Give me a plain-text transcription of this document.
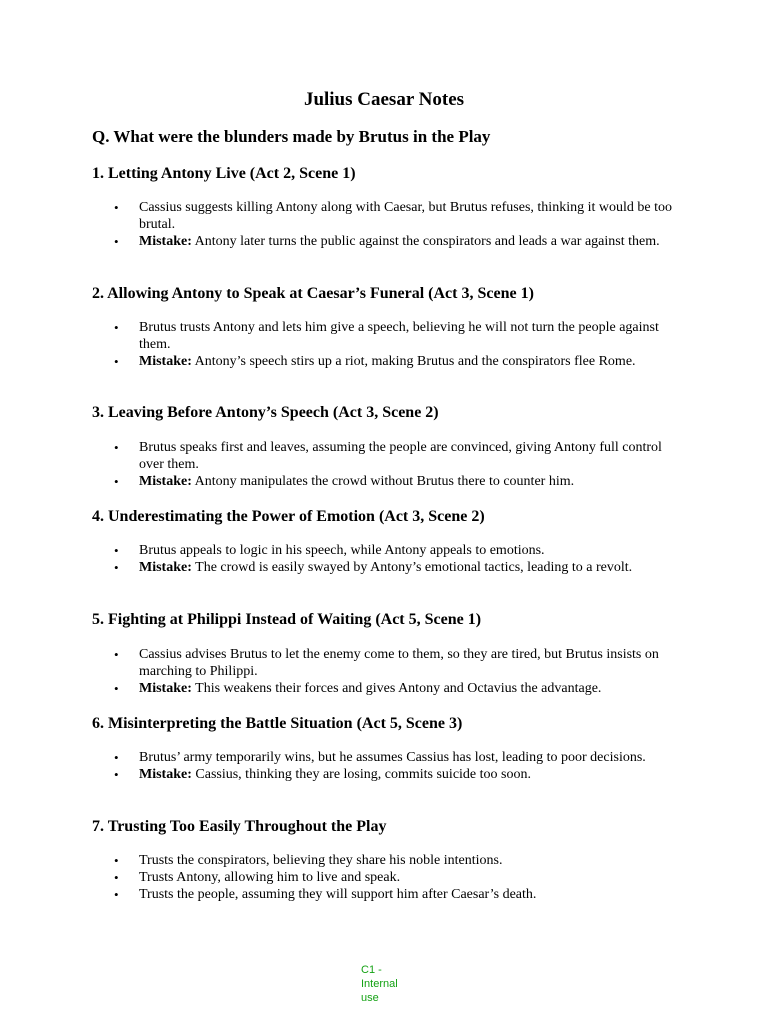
Julius Caesar Notes
Q. What were the blunders made by Brutus in the Play
1. Letting Antony Live (Act 2, Scene 1)
• Cassius suggests killing Antony along with Caesar, but Brutus refuses, thinking it would be too brutal.
• Mistake: Antony later turns the public against the conspirators and leads a war against them.
2. Allowing Antony to Speak at Caesar’s Funeral (Act 3, Scene 1)
• Brutus trusts Antony and lets him give a speech, believing he will not turn the people against them.
• Mistake: Antony’s speech stirs up a riot, making Brutus and the conspirators flee Rome.
3. Leaving Before Antony’s Speech (Act 3, Scene 2)
• Brutus speaks first and leaves, assuming the people are convinced, giving Antony full control over them.
• Mistake: Antony manipulates the crowd without Brutus there to counter him.
4. Underestimating the Power of Emotion (Act 3, Scene 2)
• Brutus appeals to logic in his speech, while Antony appeals to emotions.
• Mistake: The crowd is easily swayed by Antony’s emotional tactics, leading to a revolt.
5. Fighting at Philippi Instead of Waiting (Act 5, Scene 1)
• Cassius advises Brutus to let the enemy come to them, so they are tired, but Brutus insists on marching to Philippi.
• Mistake: This weakens their forces and gives Antony and Octavius the advantage.
6. Misinterpreting the Battle Situation (Act 5, Scene 3)
• Brutus’ army temporarily wins, but he assumes Cassius has lost, leading to poor decisions.
• Mistake: Cassius, thinking they are losing, commits suicide too soon.
7. Trusting Too Easily Throughout the Play
• Trusts the conspirators, believing they share his noble intentions.
• Trusts Antony, allowing him to live and speak.
• Trusts the people, assuming they will support him after Caesar’s death.
C1 - Internal use
